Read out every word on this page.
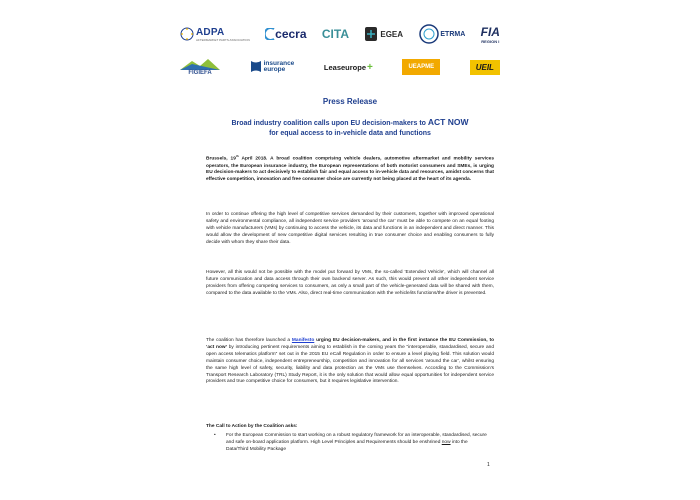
ADPA
AFTERMARKET PARTS ASSOCIATION cecra CITA	EGEA	ETRMA FIA
REGION I
FIGIEFA
insurance
europe	Leaseurope +	UEAPME	UEIL
Press Release
Broad industry coalition calls upon EU decision-makers to ACT NOW
for equal access to in-vehicle data and functions
Brussels, 19th April 2018. A broad coalition comprising vehicle dealers, automotive aftermarket and mobility services operators, the European insurance industry, the European representations of both motorist consumers and SMEs, is urging EU decision-makers to act decisively to establish fair and equal access to in-vehicle data and resources, amidst concerns that effective competition, innovation and free consumer choice are currently not being placed at the heart of its agenda.
In order to continue offering the high level of competitive services demanded by their customers, together with improved operational safety and environmental compliance, all independent service providers ‘around the car’ must be able to compete on an equal footing with vehicle manufacturers (VMs) by continuing to access the vehicle, its data and functions in an independent and direct manner. This would allow the development of new competitive digital services resulting in true consumer choice and enabling consumers to fully decide with whom they share their data.
However, all this would not be possible with the model put forward by VMs, the so-called ‘Extended Vehicle’, which will channel all future communication and data access through their own backend server. As such, this would prevent all other independent service providers from offering competing services to consumers, as only a small part of the vehicle-generated data will be shared with them, compared to the data available to the VMs. Also, direct real-time communication with the vehicle/its functions/the driver is prevented.
The coalition has therefore launched a Manifesto urging EU decision-makers, and in the first instance the EU Commission, to ‘act now’ by introducing pertinent requirements aiming to establish in the coming years the “interoperable, standardised, secure and open access telematics platform” set out in the 2015 EU eCall Regulation in order to ensure a level playing field. This solution would maintain consumer choice, independent entrepreneurship, competition and innovation for all services ‘around the car’, whilst ensuring the same high level of safety, security, liability and data protection as the VMs use themselves. According to the Commission’s Transport Research Laboratory (TRL) Study Report, it is the only solution that would allow equal opportunities for independent service providers and true competitive choice for consumers, but it requires legislative intervention.
The Call to Action by the Coalition asks:
•	For the European Commission to start working on a robust regulatory framework for an interoperable, standardised, secure and safe on-board application platform. High Level Principles and Requirements should be enshrined now into the Data/Third Mobility Package
1
